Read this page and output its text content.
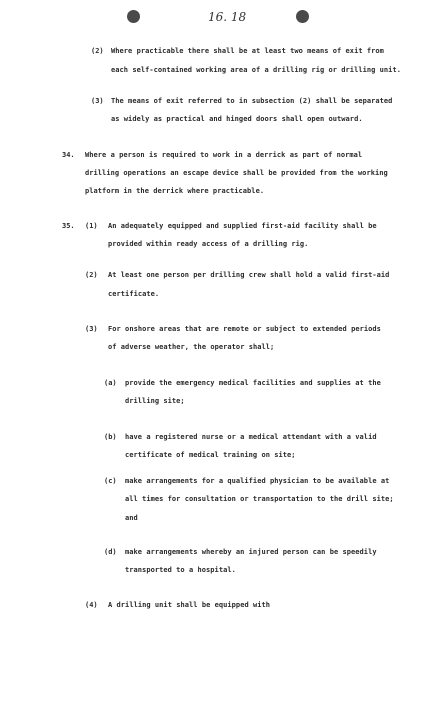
16. 18
(2) Where practicable there shall be at least two means of exit from
each self-contained working area of a drilling rig or drilling unit.
(3) The means of exit referred to in subsection (2) shall be separated
as widely as practical and hinged doors shall open outward.
34. Where a person is required to work in a derrick as part of normal
drilling operations an escape device shall be provided from the working
platform in the derrick where practicable.
35. (1) An adequately equipped and supplied first-aid facility shall be
provided within ready access of a drilling rig.
(2) At least one person per drilling crew shall hold a valid first-aid
certificate.
(3) For onshore areas that are remote or subject to extended periods
of adverse weather, the operator shall;
(a) provide the emergency medical facilities and supplies at the
drilling site;
(b) have a registered nurse or a medical attendant with a valid
certificate of medical training on site;
(c) make arrangements for a qualified physician to be available at
all times for consultation or transportation to the drill site;
and
(d) make arrangements whereby an injured person can be speedily
transported to a hospital.
(4) A drilling unit shall be equipped with
